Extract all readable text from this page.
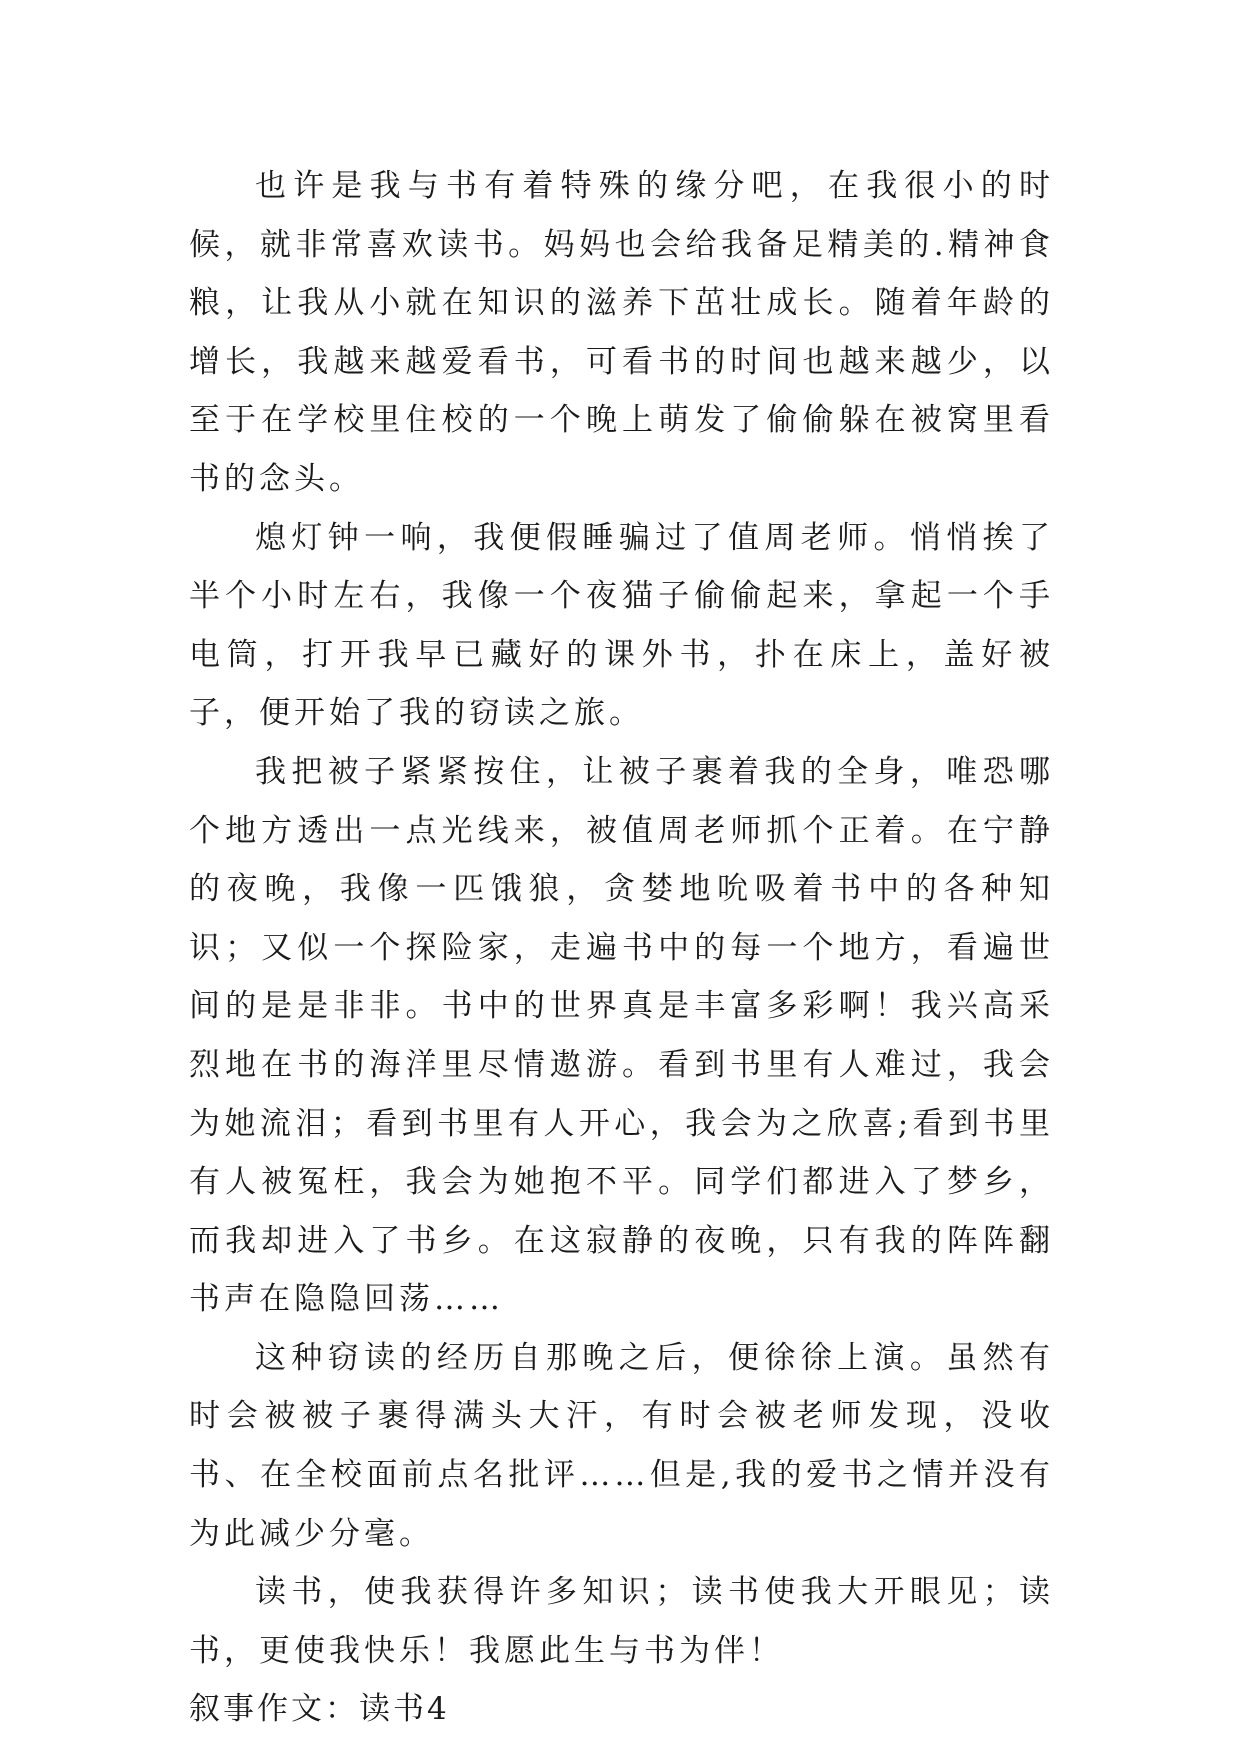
也许是我与书有着特殊的缘分吧，在我很小的时候，就非常喜欢读书。妈妈也会给我备足精美的.精神食粮，让我从小就在知识的滋养下茁壮成长。随着年龄的增长，我越来越爱看书，可看书的时间也越来越少，以至于在学校里住校的一个晚上萌发了偷偷躲在被窝里看书的念头。

熄灯钟一响，我便假睡骗过了值周老师。悄悄挨了半个小时左右，我像一个夜猫子偷偷起来，拿起一个手电筒，打开我早已藏好的课外书，扑在床上，盖好被子，便开始了我的窃读之旅。

我把被子紧紧按住，让被子裹着我的全身，唯恐哪个地方透出一点光线来，被值周老师抓个正着。在宁静的夜晚，我像一匹饿狼，贪婪地吮吸着书中的各种知识；又似一个探险家，走遍书中的每一个地方，看遍世间的是是非非。书中的世界真是丰富多彩啊！我兴高采烈地在书的海洋里尽情遨游。看到书里有人难过，我会为她流泪；看到书里有人开心，我会为之欣喜;看到书里有人被冤枉，我会为她抱不平。同学们都进入了梦乡，而我却进入了书乡。在这寂静的夜晚，只有我的阵阵翻书声在隐隐回荡……

这种窃读的经历自那晚之后，便徐徐上演。虽然有时会被被子裹得满头大汗，有时会被老师发现，没收书、在全校面前点名批评……但是,我的爱书之情并没有为此减少分毫。

读书，使我获得许多知识；读书使我大开眼见；读书，更使我快乐！我愿此生与书为伴！

叙事作文：读书4
